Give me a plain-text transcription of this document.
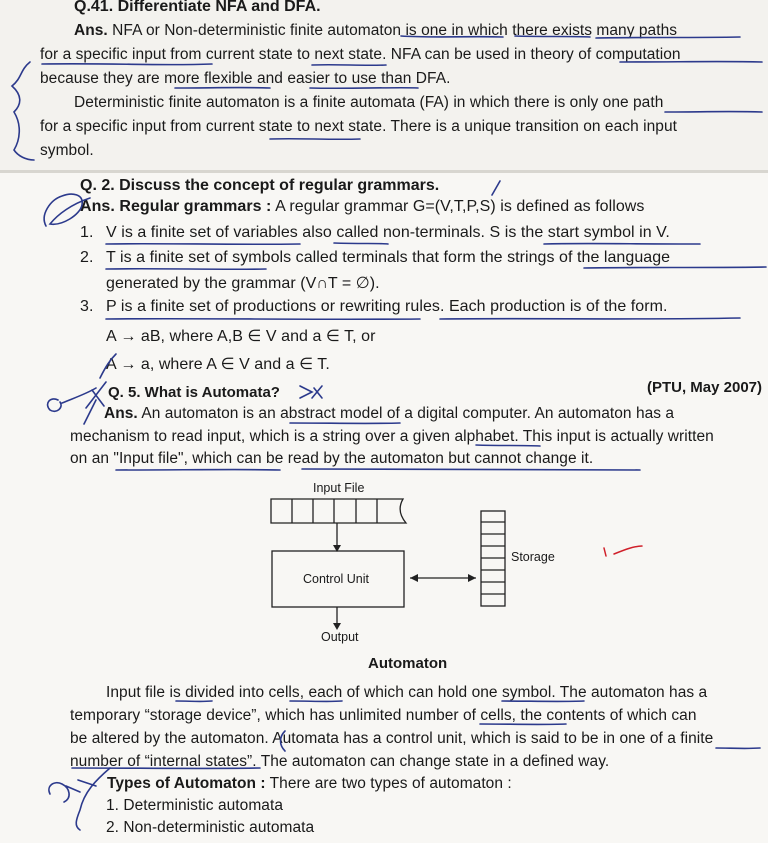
Q.41. Differentiate NFA and DFA.
Ans. NFA or Non-deterministic finite automaton is one in which there exists many paths
for a specific input from current state to next state. NFA can be used in theory of computation
because they are more flexible and easier to use than DFA.
Deterministic finite automaton is a finite automata (FA) in which there is only one path
for a specific input from current state to next state. There is a unique transition on each input
symbol.
Q. 2. Discuss the concept of regular grammars.
Ans. Regular grammars : A regular grammar G=(V,T,P,S) is defined as follows
1. V is a finite set of variables also called non-terminals. S is the start symbol in V.
2. T is a finite set of symbols called terminals that form the strings of the language
generated by the grammar (V∩T = ∅).
3. P is a finite set of productions or rewriting rules. Each production is of the form.
A → aB, where A,B ∈ V and a ∈ T, or
A → a, where A ∈ V and a ∈ T.
Q. 5. What is Automata?	(PTU, May 2007)
Ans. An automaton is an abstract model of a digital computer. An automaton has a
mechanism to read input, which is a string over a given alphabet. This input is actually written
on an "Input file", which can be read by the automaton but cannot change it.
Input File
Storage
Control Unit
Output
Automaton
Input file is divided into cells, each of which can hold one symbol. The automaton has a
temporary “storage device”, which has unlimited number of cells, the contents of which can
be altered by the automaton. Automata has a control unit, which is said to be in one of a finite
number of “internal states”. The automaton can change state in a defined way.
Types of Automaton : There are two types of automaton :
1. Deterministic automata
2. Non-deterministic automata
